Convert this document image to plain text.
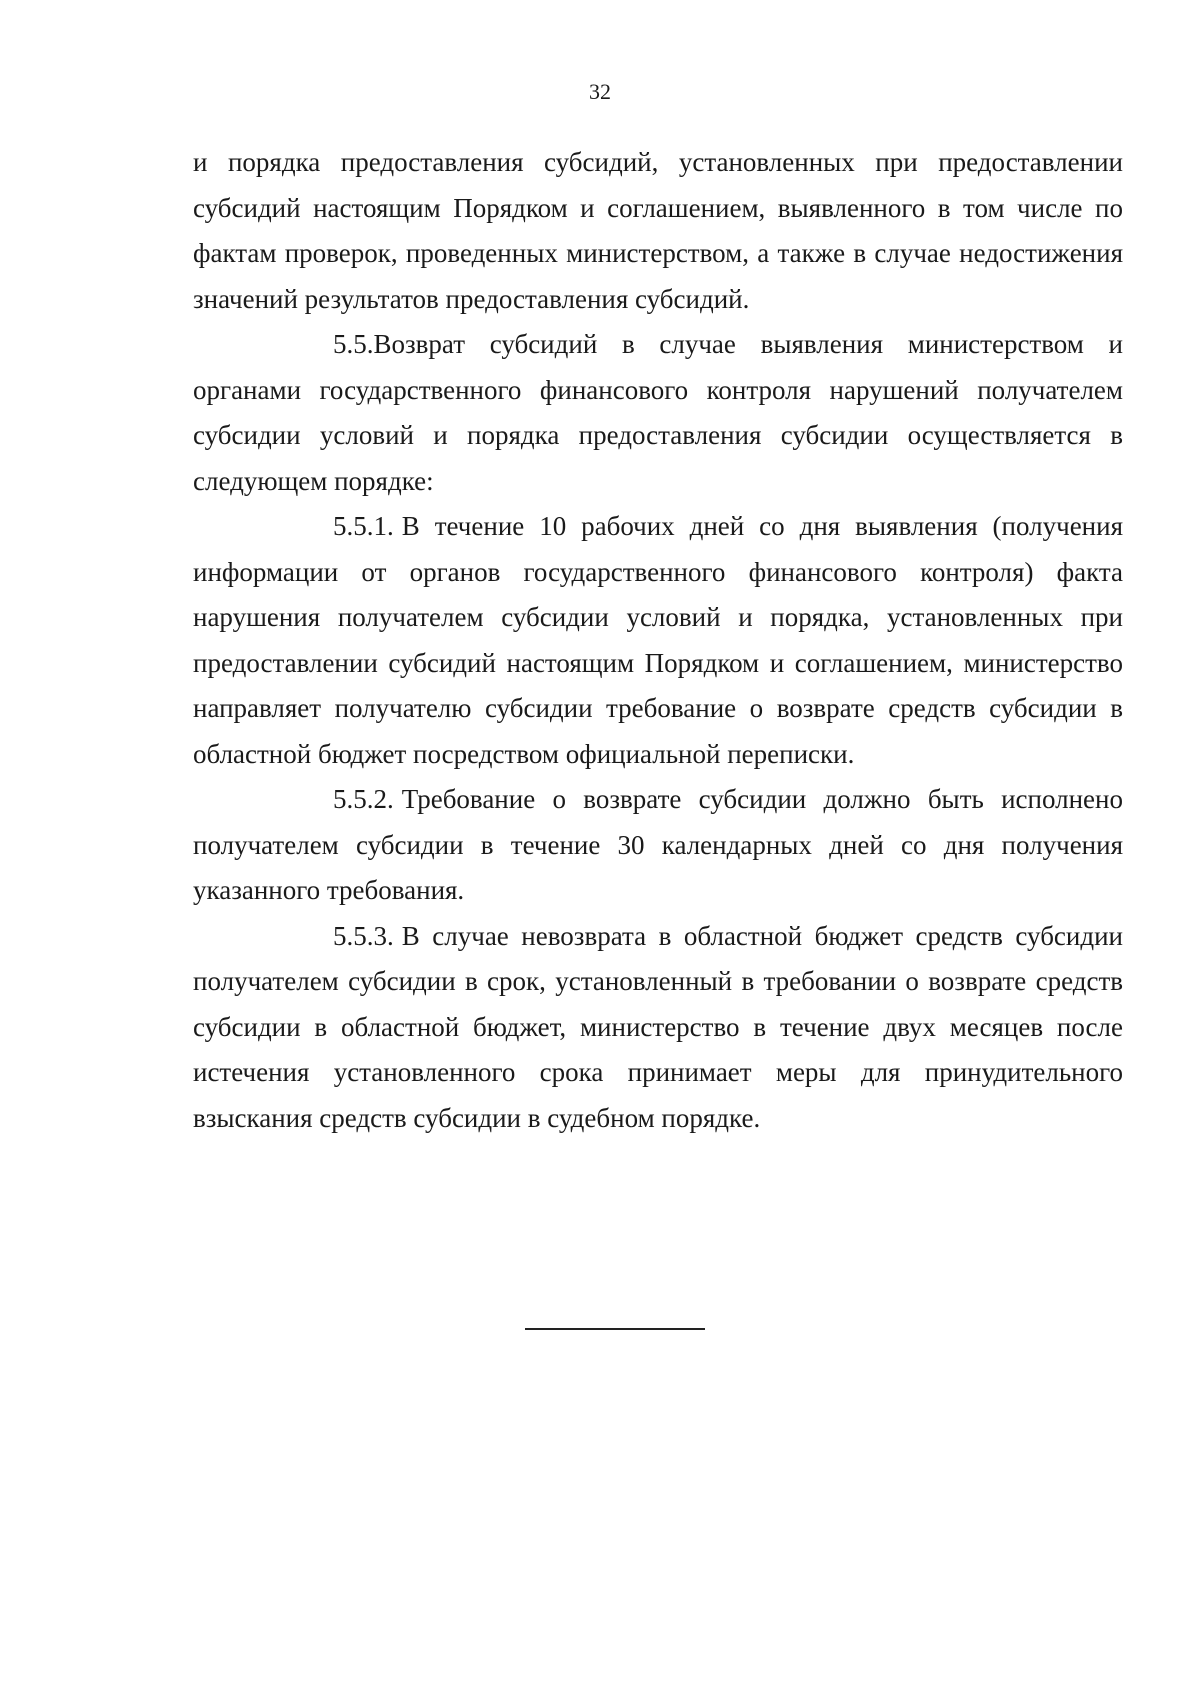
32

и порядка предоставления субсидий, установленных при предоставлении субсидий настоящим Порядком и соглашением, выявленного в том числе по фактам проверок, проведенных министерством, а также в случае недостижения значений результатов предоставления субсидий.

5.5.Возврат субсидий в случае выявления министерством и органами государственного финансового контроля нарушений получателем субсидии условий и порядка предоставления субсидии осуществляется в следующем порядке:

5.5.1. В течение 10 рабочих дней со дня выявления (получения информации от органов государственного финансового контроля) факта нарушения получателем субсидии условий и порядка, установленных при предоставлении субсидий настоящим Порядком и соглашением, министерство направляет получателю субсидии требование о возврате средств субсидии в областной бюджет посредством официальной переписки.

5.5.2. Требование о возврате субсидии должно быть исполнено получателем субсидии в течение 30 календарных дней со дня получения указанного требования.

5.5.3. В случае невозврата в областной бюджет средств субсидии получателем субсидии в срок, установленный в требовании о возврате средств субсидии в областной бюджет, министерство в течение двух месяцев после истечения установленного срока принимает меры для принудительного взыскания средств субсидии в судебном порядке.
